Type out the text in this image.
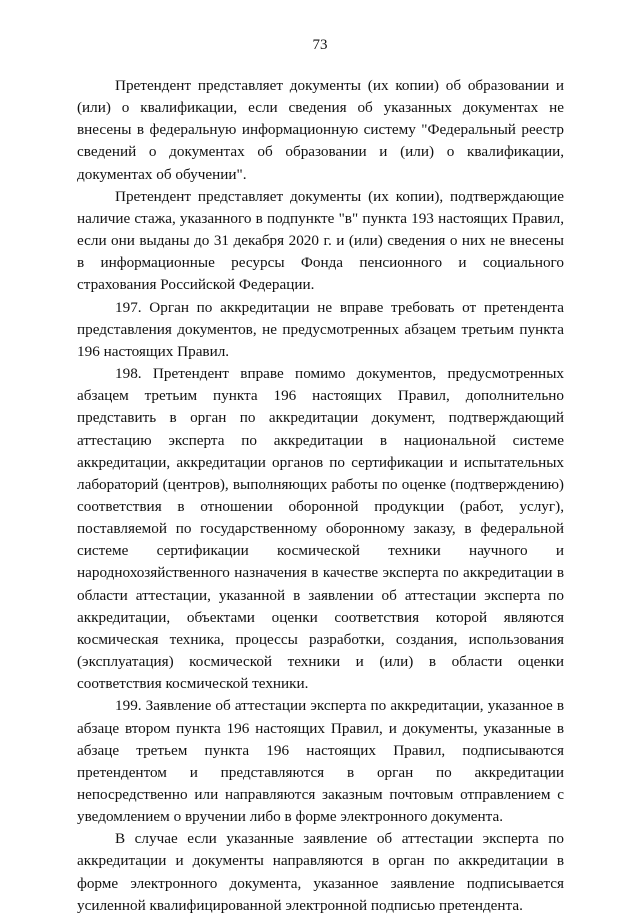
73

Претендент представляет документы (их копии) об образовании и (или) о квалификации, если сведения об указанных документах не внесены в федеральную информационную систему "Федеральный реестр сведений о документах об образовании и (или) о квалификации, документах об обучении".

Претендент представляет документы (их копии), подтверждающие наличие стажа, указанного в подпункте "в" пункта 193 настоящих Правил, если они выданы до 31 декабря 2020 г. и (или) сведения о них не внесены в информационные ресурсы Фонда пенсионного и социального страхования Российской Федерации.

197. Орган по аккредитации не вправе требовать от претендента представления документов, не предусмотренных абзацем третьим пункта 196 настоящих Правил.

198. Претендент вправе помимо документов, предусмотренных абзацем третьим пункта 196 настоящих Правил, дополнительно представить в орган по аккредитации документ, подтверждающий аттестацию эксперта по аккредитации в национальной системе аккредитации, аккредитации органов по сертификации и испытательных лабораторий (центров), выполняющих работы по оценке (подтверждению) соответствия в отношении оборонной продукции (работ, услуг), поставляемой по государственному оборонному заказу, в федеральной системе сертификации космической техники научного и народнохозяйственного назначения в качестве эксперта по аккредитации в области аттестации, указанной в заявлении об аттестации эксперта по аккредитации, объектами оценки соответствия которой являются космическая техника, процессы разработки, создания, использования (эксплуатация) космической техники и (или) в области оценки соответствия космической техники.

199. Заявление об аттестации эксперта по аккредитации, указанное в абзаце втором пункта 196 настоящих Правил, и документы, указанные в абзаце третьем пункта 196 настоящих Правил, подписываются претендентом и представляются в орган по аккредитации непосредственно или направляются заказным почтовым отправлением с уведомлением о вручении либо в форме электронного документа.

В случае если указанные заявление об аттестации эксперта по аккредитации и документы направляются в орган по аккредитации в форме электронного документа, указанное заявление подписывается усиленной квалифицированной электронной подписью претендента.
